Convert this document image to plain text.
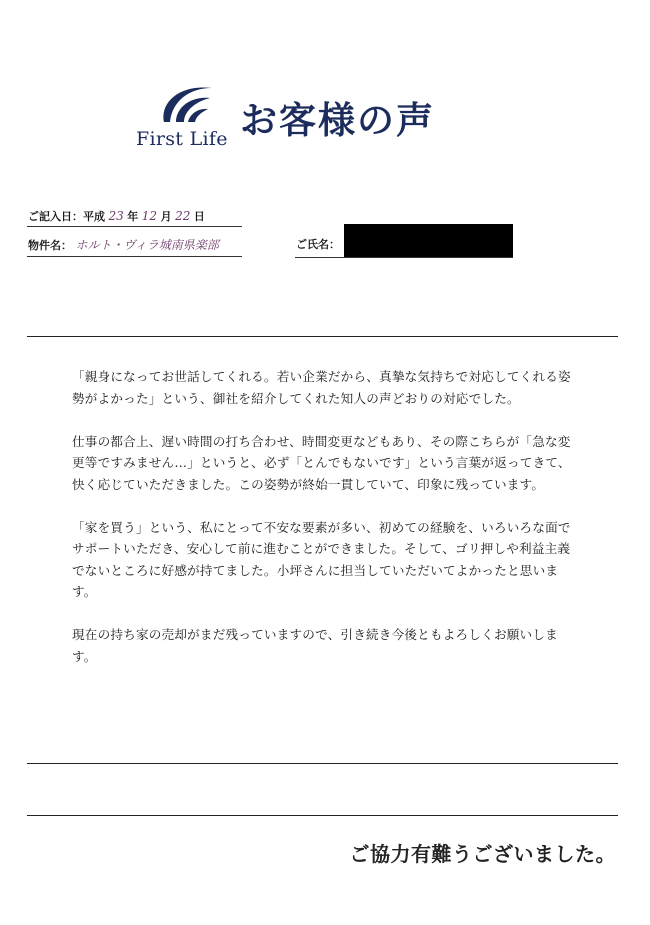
First Life お客様の声
ご記入日：平成 23 年 12 月 22 日
物件名： ホルト・ヴィラ城南県楽部	ご氏名：

「親身になってお世話してくれる。若い企業だから、真摯な気持ちで対応してくれる姿勢がよかった」という、御社を紹介してくれた知人の声どおりの対応でした。

仕事の都合上、遅い時間の打ち合わせ、時間変更などもあり、その際こちらが「急な変更等ですみません…」というと、必ず「とんでもないです」という言葉が返ってきて、快く応じていただきました。この姿勢が終始一貫していて、印象に残っています。

「家を買う」という、私にとって不安な要素が多い、初めての経験を、いろいろな面でサポートいただき、安心して前に進むことができました。そして、ゴリ押しや利益主義でないところに好感が持てました。小坪さんに担当していただいてよかったと思います。

現在の持ち家の売却がまだ残っていますので、引き続き今後ともよろしくお願いします。

ご協力有難うございました。
